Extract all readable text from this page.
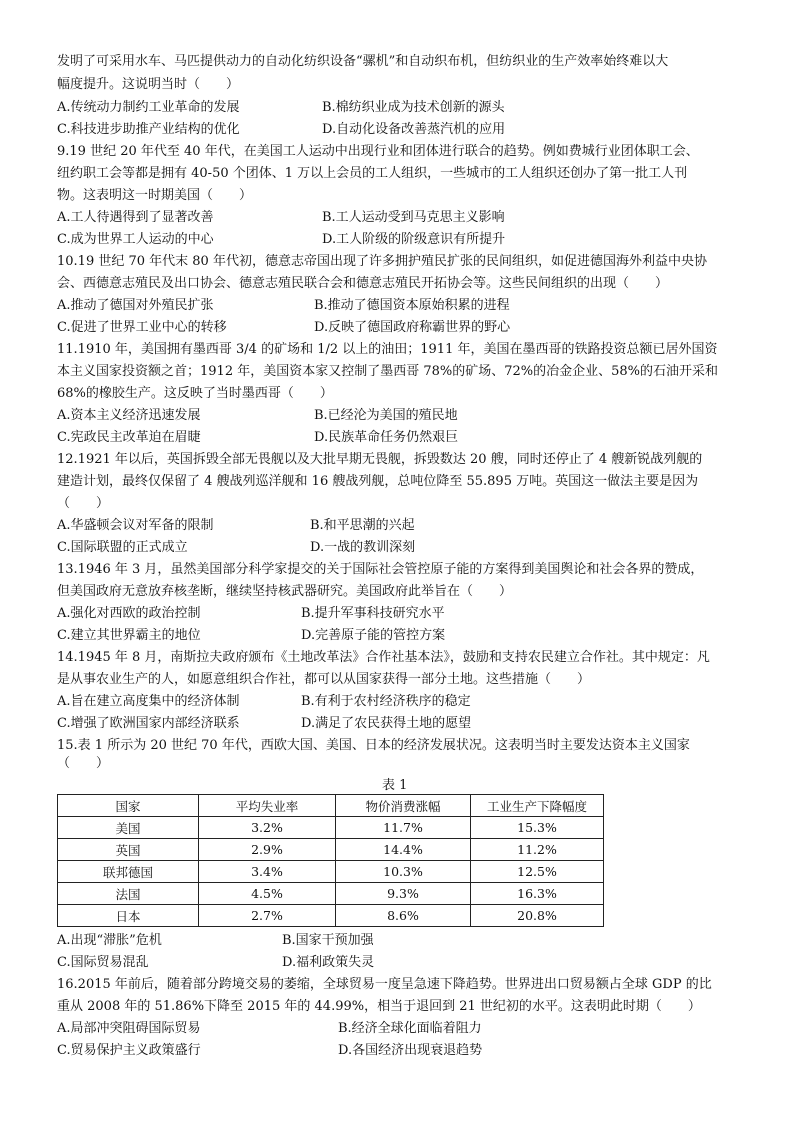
发明了可采用水车、马匹提供动力的自动化纺织设备“骡机”和自动织布机，但纺织业的生产效率始终难以大
幅度提升。这说明当时（　　）
A.传统动力制约工业革命的发展	B.棉纺织业成为技术创新的源头
C.科技进步助推产业结构的优化	D.自动化设备改善蒸汽机的应用
9.19 世纪 20 年代至 40 年代，在美国工人运动中出现行业和团体进行联合的趋势。例如费城行业团体职工会、
纽约职工会等都是拥有 40-50 个团体、1 万以上会员的工人组织，一些城市的工人组织还创办了第一批工人刊
物。这表明这一时期美国（　　）
A.工人待遇得到了显著改善	B.工人运动受到马克思主义影响
C.成为世界工人运动的中心	D.工人阶级的阶级意识有所提升
10.19 世纪 70 年代末 80 年代初，德意志帝国出现了许多拥护殖民扩张的民间组织，如促进德国海外利益中央协
会、西德意志殖民及出口协会、德意志殖民联合会和德意志殖民开拓协会等。这些民间组织的出现（　　）
A.推动了德国对外殖民扩张	B.推动了德国资本原始积累的进程
C.促进了世界工业中心的转移	D.反映了德国政府称霸世界的野心
11.1910 年，美国拥有墨西哥 3/4 的矿场和 1/2 以上的油田；1911 年，美国在墨西哥的铁路投资总额已居外国资
本主义国家投资额之首；1912 年，美国资本家又控制了墨西哥 78%的矿场、72%的冶金企业、58%的石油开采和
68%的橡胶生产。这反映了当时墨西哥（　　）
A.资本主义经济迅速发展	B.已经沦为美国的殖民地
C.宪政民主改革迫在眉睫	D.民族革命任务仍然艰巨
12.1921 年以后，英国拆毁全部无畏舰以及大批早期无畏舰，拆毁数达 20 艘，同时还停止了 4 艘新锐战列舰的
建造计划，最终仅保留了 4 艘战列巡洋舰和 16 艘战列舰，总吨位降至 55.895 万吨。英国这一做法主要是因为
（　　）
A.华盛顿会议对军备的限制	B.和平思潮的兴起
C.国际联盟的正式成立	D.一战的教训深刻
13.1946 年 3 月，虽然美国部分科学家提交的关于国际社会管控原子能的方案得到美国舆论和社会各界的赞成，
但美国政府无意放弃核垄断，继续坚持核武器研究。美国政府此举旨在（　　）
A.强化对西欧的政治控制	B.提升军事科技研究水平
C.建立其世界霸主的地位	D.完善原子能的管控方案
14.1945 年 8 月，南斯拉夫政府颁布《土地改革法》合作社基本法》，鼓励和支持农民建立合作社。其中规定：凡
是从事农业生产的人，如愿意组织合作社，都可以从国家获得一部分土地。这些措施（　　）
A.旨在建立高度集中的经济体制	B.有利于农村经济秩序的稳定
C.增强了欧洲国家内部经济联系	D.满足了农民获得土地的愿望
15.表 1 所示为 20 世纪 70 年代，西欧大国、美国、日本的经济发展状况。这表明当时主要发达资本主义国家
（　　）
表 1
国家	平均失业率	物价消费涨幅	工业生产下降幅度
美国	3.2%	11.7%	15.3%
英国	2.9%	14.4%	11.2%
联邦德国	3.4%	10.3%	12.5%
法国	4.5%	9.3%	16.3%
日本	2.7%	8.6%	20.8%
A.出现“滞胀”危机	B.国家干预加强
C.国际贸易混乱	D.福利政策失灵
16.2015 年前后，随着部分跨境交易的萎缩，全球贸易一度呈急速下降趋势。世界进出口贸易额占全球 GDP 的比
重从 2008 年的 51.86%下降至 2015 年的 44.99%，相当于退回到 21 世纪初的水平。这表明此时期（　　）
A.局部冲突阻碍国际贸易	B.经济全球化面临着阻力
C.贸易保护主义政策盛行	D.各国经济出现衰退趋势
